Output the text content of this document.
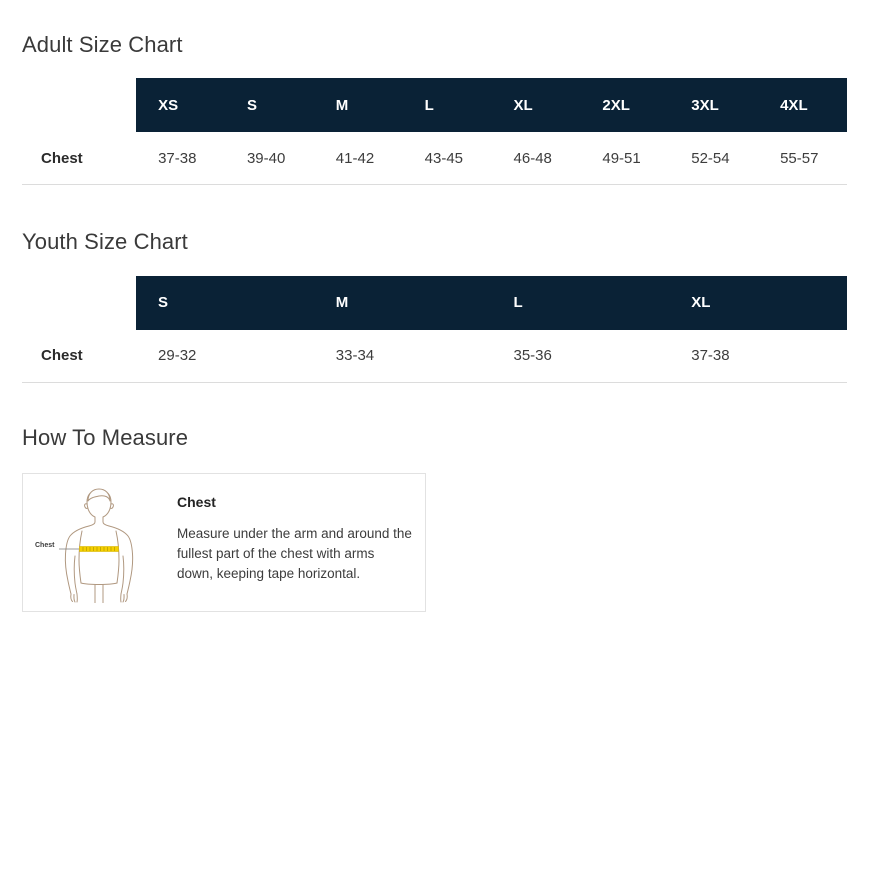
Adult Size Chart
	XS	S	M	L	XL	2XL	3XL	4XL
Chest	37-38	39-40	41-42	43-45	46-48	49-51	52-54	55-57
Youth Size Chart
	S	M	L	XL
Chest	29-32	33-34	35-36	37-38
How To Measure
Chest

Chest

Measure under the arm and around the fullest part of the chest with arms down, keeping tape horizontal.
